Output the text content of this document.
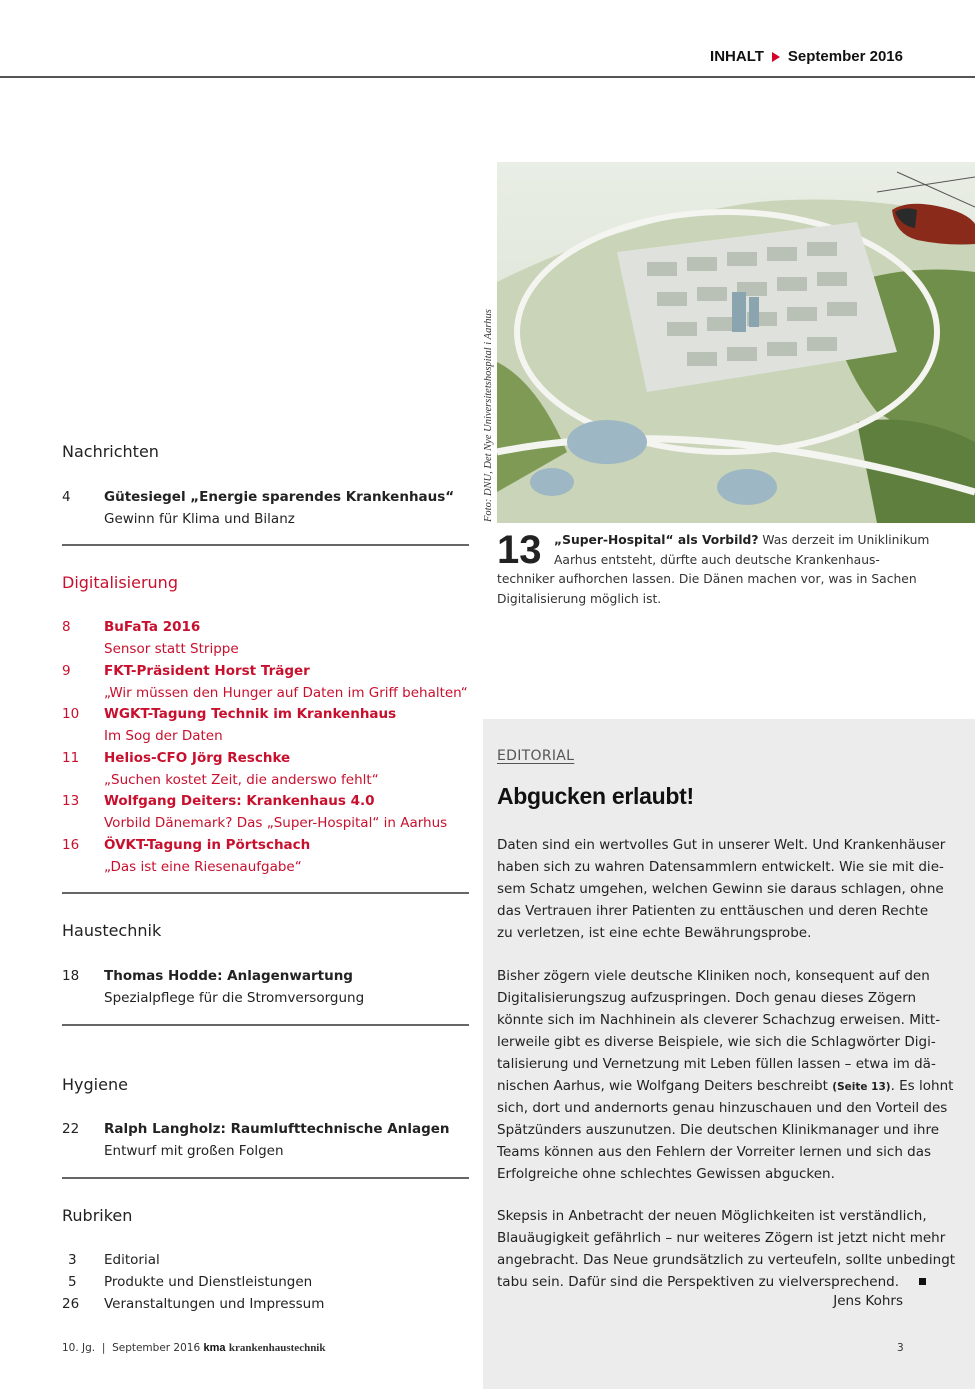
INHALT September 2016
Nachrichten
4	Gütesiegel „Energie sparendes Krankenhaus“
Gewinn für Klima und Bilanz
Digitalisierung
8	BuFaTa 2016
Sensor statt Strippe
9	FKT-Präsident Horst Träger
„Wir müssen den Hunger auf Daten im Griff behalten“
10	WGKT-Tagung Technik im Krankenhaus
Im Sog der Daten
11	Helios-CFO Jörg Reschke
„Suchen kostet Zeit, die anderswo fehlt“
13	Wolfgang Deiters: Krankenhaus 4.0
Vorbild Dänemark? Das „Super-Hospital“ in Aarhus
16	ÖVKT-Tagung in Pörtschach
„Das ist eine Riesenaufgabe“
Haustechnik
18	Thomas Hodde: Anlagenwartung
Spezialpflege für die Stromversorgung
Hygiene
22	Ralph Langholz: Raumlufttechnische Anlagen
Entwurf mit großen Folgen
Rubriken
3	Editorial
5	Produkte und Dienstleistungen
26	Veranstaltungen und Impressum
Foto: DNU, Det Nye Universitetshospital i Aarhus
13	„Super-Hospital“ als Vorbild? Was derzeit im Uniklinikum
Aarhus entsteht, dürfte auch deutsche Krankenhaus-
techniker aufhorchen lassen. Die Dänen machen vor, was in Sachen
Digitalisierung möglich ist.
EDITORIAL
Abgucken erlaubt!
Daten sind ein wertvolles Gut in unserer Welt. Und Krankenhäuser
haben sich zu wahren Datensammlern entwickelt. Wie sie mit die-
sem Schatz umgehen, welchen Gewinn sie daraus schlagen, ohne
das Vertrauen ihrer Patienten zu enttäuschen und deren Rechte
zu verletzen, ist eine echte Bewährungsprobe.
Bisher zögern viele deutsche Kliniken noch, konsequent auf den
Digitalisierungszug aufzuspringen. Doch genau dieses Zögern
könnte sich im Nachhinein als cleverer Schachzug erweisen. Mitt-
lerweile gibt es diverse Beispiele, wie sich die Schlagwörter Digi-
talisierung und Vernetzung mit Leben füllen lassen – etwa im dä-
nischen Aarhus, wie Wolfgang Deiters beschreibt (Seite 13). Es lohnt
sich, dort und andernorts genau hinzuschauen und den Vorteil des
Spätzünders auszunutzen. Die deutschen Klinikmanager und ihre
Teams können aus den Fehlern der Vorreiter lernen und sich das
Erfolgreiche ohne schlechtes Gewissen abgucken.
Skepsis in Anbetracht der neuen Möglichkeiten ist verständlich,
Blauäugigkeit gefährlich – nur weiteres Zögern ist jetzt nicht mehr
angebracht. Das Neue grundsätzlich zu verteufeln, sollte unbedingt
tabu sein. Dafür sind die Perspektiven zu vielversprechend.
Jens Kohrs
10. Jg. | September 2016 kma krankenhaustechnik	3
